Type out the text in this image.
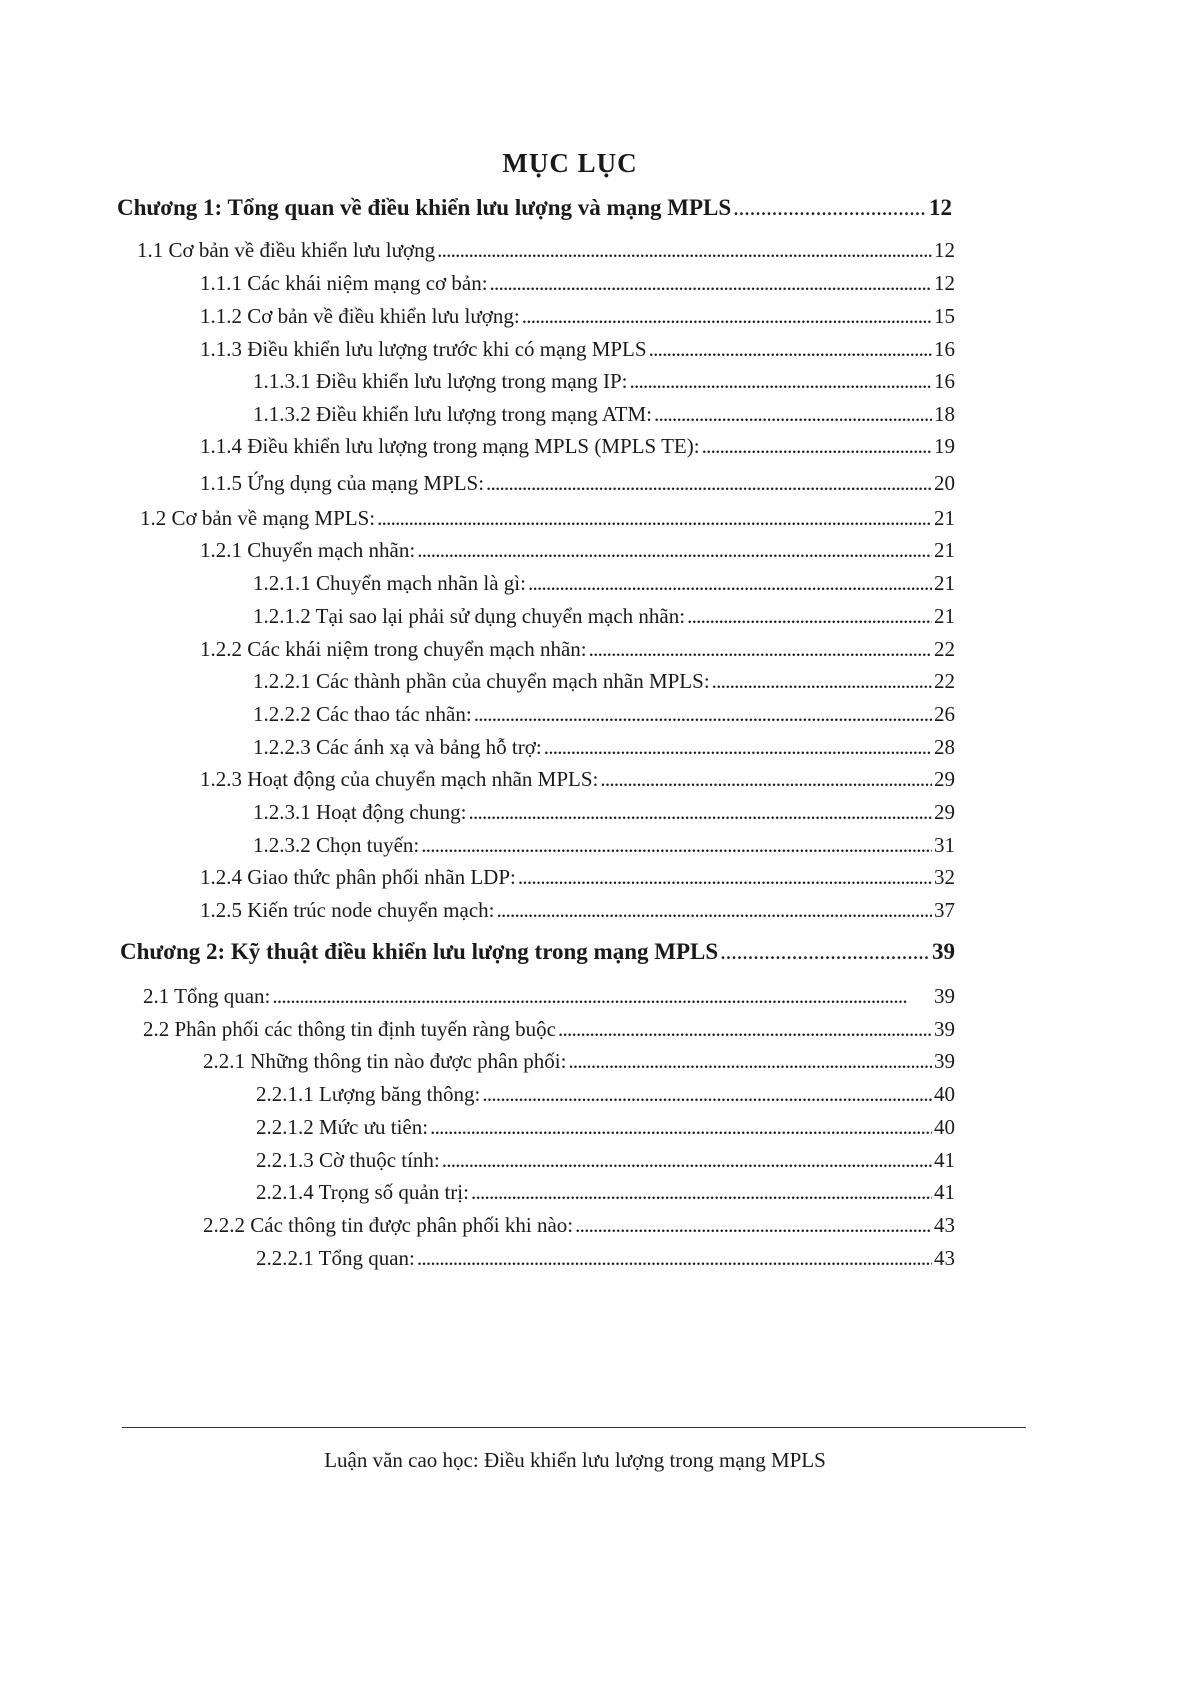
MỤC LỤC
Chương 1: Tổng quan về điều khiển lưu lượng và mạng MPLS . . .	12
1.1 Cơ bản về điều khiển lưu lượng . . .	12
1.1.1 Các khái niệm mạng cơ bản: . . .	12
1.1.2 Cơ bản về điều khiển lưu lượng: . . .	15
1.1.3 Điều khiển lưu lượng trước khi có mạng MPLS . . .	16
1.1.3.1 Điều khiển lưu lượng trong mạng IP: . . .	16
1.1.3.2 Điều khiển lưu lượng trong mạng ATM: . . .	18
1.1.4 Điều khiển lưu lượng trong mạng MPLS (MPLS TE): . . .	19
1.1.5 Ứng dụng của mạng MPLS: . . .	20
1.2 Cơ bản về mạng MPLS: . . .	21
1.2.1 Chuyển mạch nhãn: . . .	21
1.2.1.1 Chuyển mạch nhãn là gì: . . .	21
1.2.1.2 Tại sao lại phải sử dụng chuyển mạch nhãn: . . .	21
1.2.2 Các khái niệm trong chuyển mạch nhãn: . . .	22
1.2.2.1 Các thành phần của chuyển mạch nhãn MPLS: . . .	22
1.2.2.2 Các thao tác nhãn: . . .	26
1.2.2.3 Các ánh xạ và bảng hỗ trợ: . . .	28
1.2.3 Hoạt động của chuyển mạch nhãn MPLS: . . .	29
1.2.3.1 Hoạt động chung: . . .	29
1.2.3.2 Chọn tuyến: . . .	31
1.2.4 Giao thức phân phối nhãn LDP: . . .	32
1.2.5 Kiến trúc node chuyển mạch: . . .	37
Chương 2: Kỹ thuật điều khiển lưu lượng trong mạng MPLS . . .	39
2.1 Tổng quan: . . .	39
2.2 Phân phối các thông tin định tuyến ràng buộc . . .	39
2.2.1 Những thông tin nào được phân phối: . . .	39
2.2.1.1 Lượng băng thông: . . .	40
2.2.1.2 Mức ưu tiên: . . .	40
2.2.1.3 Cờ thuộc tính: . . .	41
2.2.1.4 Trọng số quản trị: . . .	41
2.2.2 Các thông tin được phân phối khi nào: . . .	43
2.2.2.1 Tổng quan: . . .	43
Luận văn cao học: Điều khiển lưu lượng trong mạng MPLS
